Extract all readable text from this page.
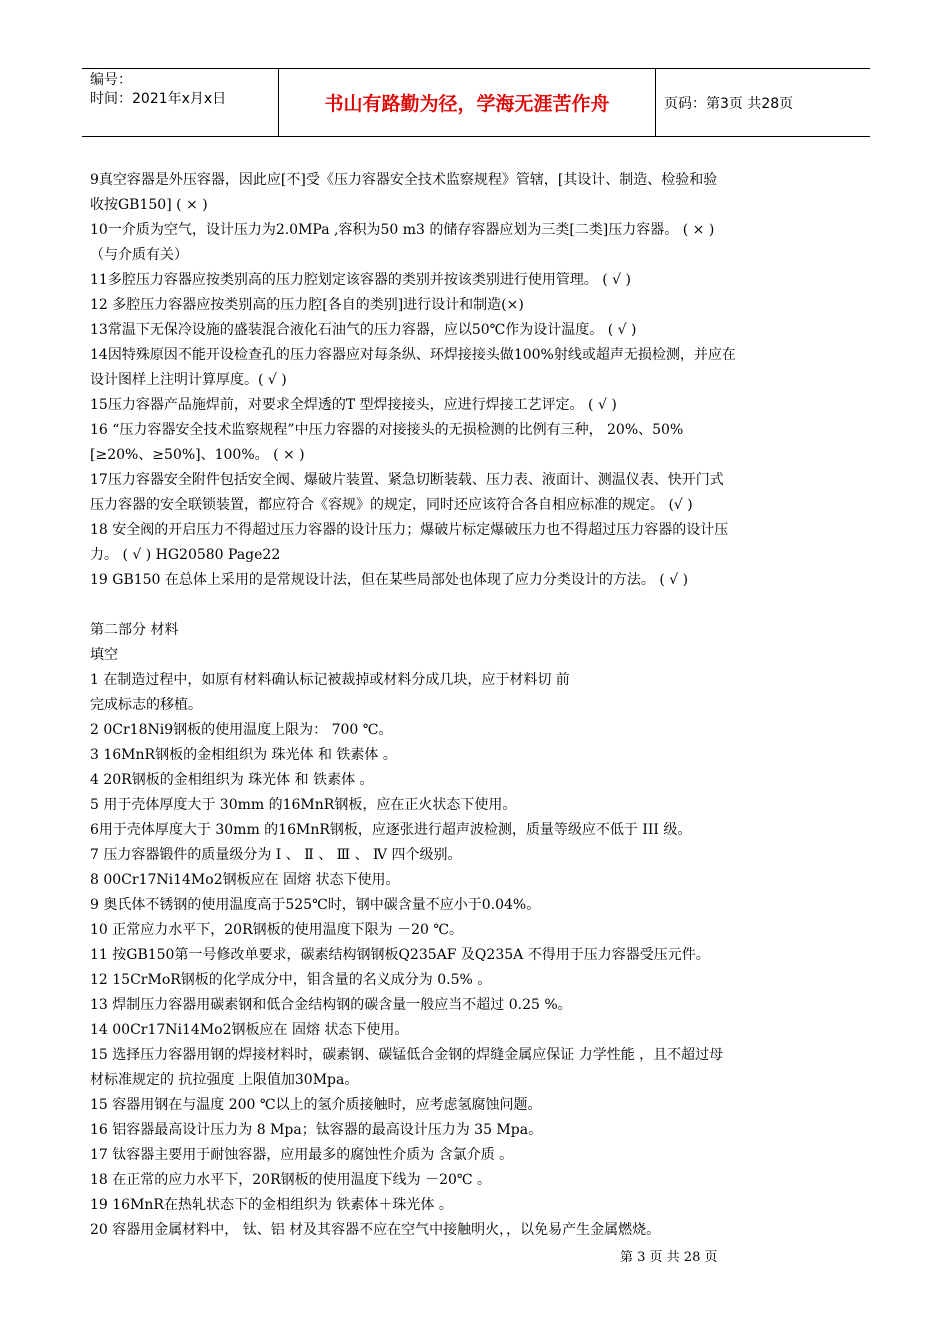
编号：
时间：2021年x月x日	书山有路勤为径，学海无涯苦作舟	页码：第3页 共28页

9真空容器是外压容器，因此应[不]受《压力容器安全技术监察规程》管辖，[其设计、制造、检验和验

收按GB150] ( × )

10一介质为空气，设计压力为2.0MPa ,容积为50 m3 的储存容器应划为三类[二类]压力容器。 ( × )

（与介质有关）

11多腔压力容器应按类别高的压力腔划定该容器的类别并按该类别进行使用管理。 ( √ )

12 多腔压力容器应按类别高的压力腔[各自的类别]进行设计和制造(×)

13常温下无保冷设施的盛装混合液化石油气的压力容器，应以50℃作为设计温度。 ( √ )

14因特殊原因不能开设检查孔的压力容器应对每条纵、环焊接接头做100%射线或超声无损检测，并应在

设计图样上注明计算厚度。( √ )

15压力容器产品施焊前，对要求全焊透的T 型焊接接头，应进行焊接工艺评定。 ( √ )

16 “压力容器安全技术监察规程”中压力容器的对接接头的无损检测的比例有三种， 20%、50%

[≥20%、≥50%]、100%。 ( × )

17压力容器安全附件包括安全阀、爆破片装置、紧急切断装载、压力表、液面计、测温仪表、快开门式

压力容器的安全联锁装置，都应符合《容规》的规定，同时还应该符合各自相应标准的规定。 (√ )

18 安全阀的开启压力不得超过压力容器的设计压力；爆破片标定爆破压力也不得超过压力容器的设计压

力。 ( √ ) HG20580 Page22

19 GB150 在总体上采用的是常规设计法，但在某些局部处也体现了应力分类设计的方法。 ( √ )

第二部分 材料

填空

1 在制造过程中，如原有材料确认标记被裁掉或材料分成几块，应于材料切 前

完成标志的移植。

2 0Cr18Ni9钢板的使用温度上限为： 700 ℃。

3 16MnR钢板的金相组织为 珠光体 和 铁素体 。

4 20R钢板的金相组织为 珠光体 和 铁素体 。

5 用于壳体厚度大于 30mm 的16MnR钢板，应在正火状态下使用。

6用于壳体厚度大于 30mm 的16MnR钢板，应逐张进行超声波检测，质量等级应不低于 III 级。

7 压力容器锻件的质量级分为 Ⅰ 、 Ⅱ 、 Ⅲ 、 Ⅳ 四个级别。

8 00Cr17Ni14Mo2钢板应在 固熔 状态下使用。

9 奥氏体不锈钢的使用温度高于525℃时，钢中碳含量不应小于0.04%。

10 正常应力水平下，20R钢板的使用温度下限为 －20 ℃。

11 按GB150第一号修改单要求，碳素结构钢钢板Q235AF 及Q235A 不得用于压力容器受压元件。

12 15CrMoR钢板的化学成分中，钼含量的名义成分为 0.5% 。

13 焊制压力容器用碳素钢和低合金结构钢的碳含量一般应当不超过 0.25 %。

14 00Cr17Ni14Mo2钢板应在 固熔 状态下使用。

15 选择压力容器用钢的焊接材料时，碳素钢、碳锰低合金钢的焊缝金属应保证 力学性能 ，且不超过母

材标准规定的 抗拉强度 上限值加30Mpa。

15 容器用钢在与温度 200 ℃以上的氢介质接触时，应考虑氢腐蚀问题。

16 铝容器最高设计压力为 8 Mpa；钛容器的最高设计压力为 35 Mpa。

17 钛容器主要用于耐蚀容器，应用最多的腐蚀性介质为 含氯介质 。

18 在正常的应力水平下，20R钢板的使用温度下线为 －20℃ 。

19 16MnR在热轧状态下的金相组织为 铁素体＋珠光体 。

20 容器用金属材料中， 钛、铝 材及其容器不应在空气中接触明火，，以免易产生金属燃烧。

第 3 页 共 28 页
